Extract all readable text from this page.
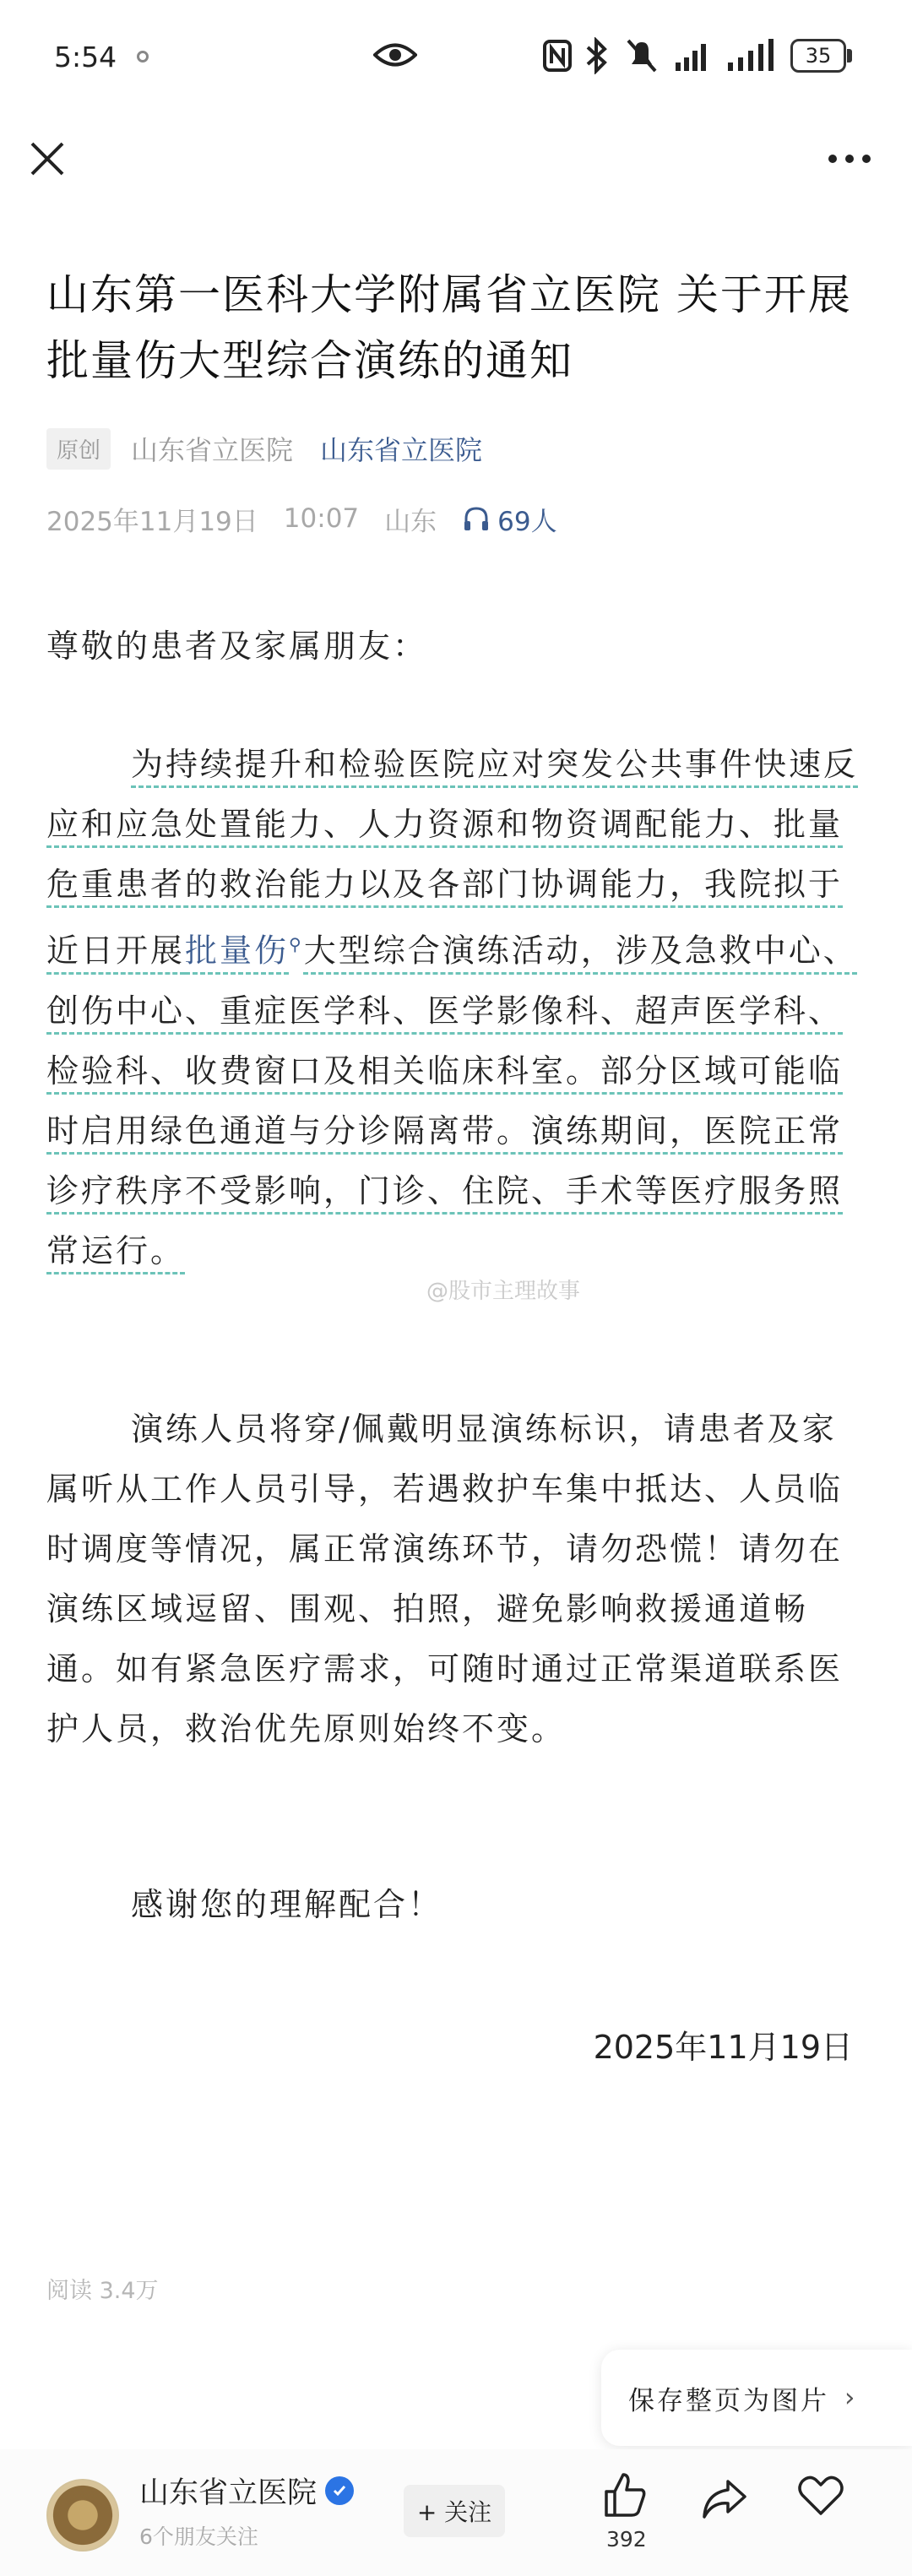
5:54	35
山东第一医科大学附属省立医院 关于开展批量伤大型综合演练的通知
原创	山东省立医院 山东省立医院
2025年11月19日 10:07 山东 69人
尊敬的患者及家属朋友：
为持续提升和检验医院应对突发公共事件快速反应和应急处置能力、人力资源和物资调配能力、批量危重患者的救治能力以及各部门协调能力，我院拟于近日开展批量伤⚲大型综合演练活动，涉及急救中心、创伤中心、重症医学科、医学影像科、超声医学科、检验科、收费窗口及相关临床科室。部分区域可能临时启用绿色通道与分诊隔离带。演练期间，医院正常诊疗秩序不受影响，门诊、住院、手术等医疗服务照常运行。
@股市主理故事
演练人员将穿/佩戴明显演练标识，请患者及家属听从工作人员引导，若遇救护车集中抵达、人员临时调度等情况，属正常演练环节，请勿恐慌！请勿在演练区域逗留、围观、拍照，避免影响救援通道畅通。如有紧急医疗需求，可随时通过正常渠道联系医护人员，救治优先原则始终不变。
感谢您的理解配合！
2025年11月19日
阅读 3.4万
保存整页为图片 ›
山东省立医院
6个朋友关注
+ 关注
392
